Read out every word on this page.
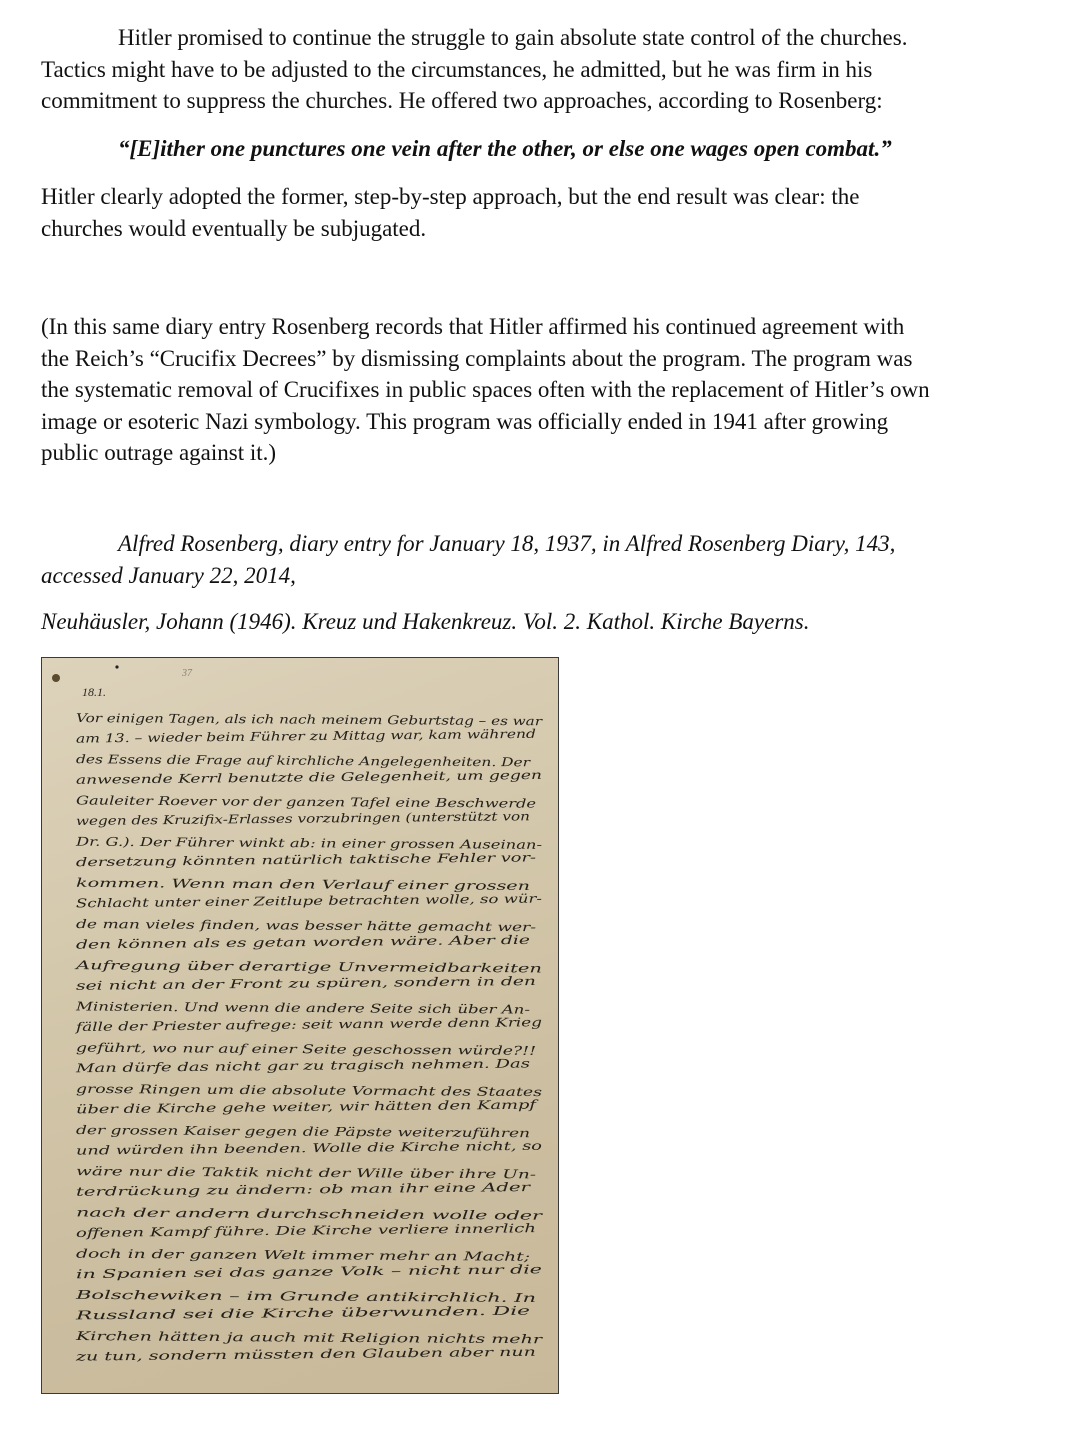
Hitler promised to continue the struggle to gain absolute state control of the churches.
Tactics might have to be adjusted to the circumstances, he admitted, but he was firm in his
commitment to suppress the churches. He offered two approaches, according to Rosenberg:
“[E]ither one punctures one vein after the other, or else one wages open combat.”
Hitler clearly adopted the former, step-by-step approach, but the end result was clear: the
churches would eventually be subjugated.
(In this same diary entry Rosenberg records that Hitler affirmed his continued agreement with
the Reich’s “Crucifix Decrees” by dismissing complaints about the program. The program was
the systematic removal of Crucifixes in public spaces often with the replacement of Hitler’s own
image or esoteric Nazi symbology. This program was officially ended in 1941 after growing
public outrage against it.)
Alfred Rosenberg, diary entry for January 18, 1937, in Alfred Rosenberg Diary, 143,
accessed January 22, 2014,
Neuhäusler, Johann (1946). Kreuz und Hakenkreuz. Vol. 2. Kathol. Kirche Bayerns.
37
18.1.
Vor einigen Tagen, als ich nach meinem Geburtstag – es war
am 13. – wieder beim Führer zu Mittag war, kam während
des Essens die Frage auf kirchliche Angelegenheiten. Der
anwesende Kerrl benutzte die Gelegenheit, um gegen
Gauleiter Roever vor der ganzen Tafel eine Beschwerde
wegen des Kruzifix-Erlasses vorzubringen (unterstützt von
Dr. G.). Der Führer winkt ab: in einer grossen Auseinan-
dersetzung könnten natürlich taktische Fehler vor-
kommen. Wenn man den Verlauf einer grossen
Schlacht unter einer Zeitlupe betrachten wolle, so wür-
de man vieles finden, was besser hätte gemacht wer-
den können als es getan worden wäre. Aber die
Aufregung über derartige Unvermeidbarkeiten
sei nicht an der Front zu spüren, sondern in den
Ministerien. Und wenn die andere Seite sich über An-
fälle der Priester aufrege: seit wann werde denn Krieg
geführt, wo nur auf einer Seite geschossen würde?!!
Man dürfe das nicht gar zu tragisch nehmen. Das
grosse Ringen um die absolute Vormacht des Staates
über die Kirche gehe weiter, wir hätten den Kampf
der grossen Kaiser gegen die Päpste weiterzuführen
und würden ihn beenden. Wolle die Kirche nicht, so
wäre nur die Taktik nicht der Wille über ihre Un-
terdrückung zu ändern: ob man ihr eine Ader
nach der andern durchschneiden wolle oder
offenen Kampf führe. Die Kirche verliere innerlich
doch in der ganzen Welt immer mehr an Macht;
in Spanien sei das ganze Volk – nicht nur die
Bolschewiken – im Grunde antikirchlich. In
Russland sei die Kirche überwunden. Die
Kirchen hätten ja auch mit Religion nichts mehr
zu tun, sondern müssten den Glauben aber nun
